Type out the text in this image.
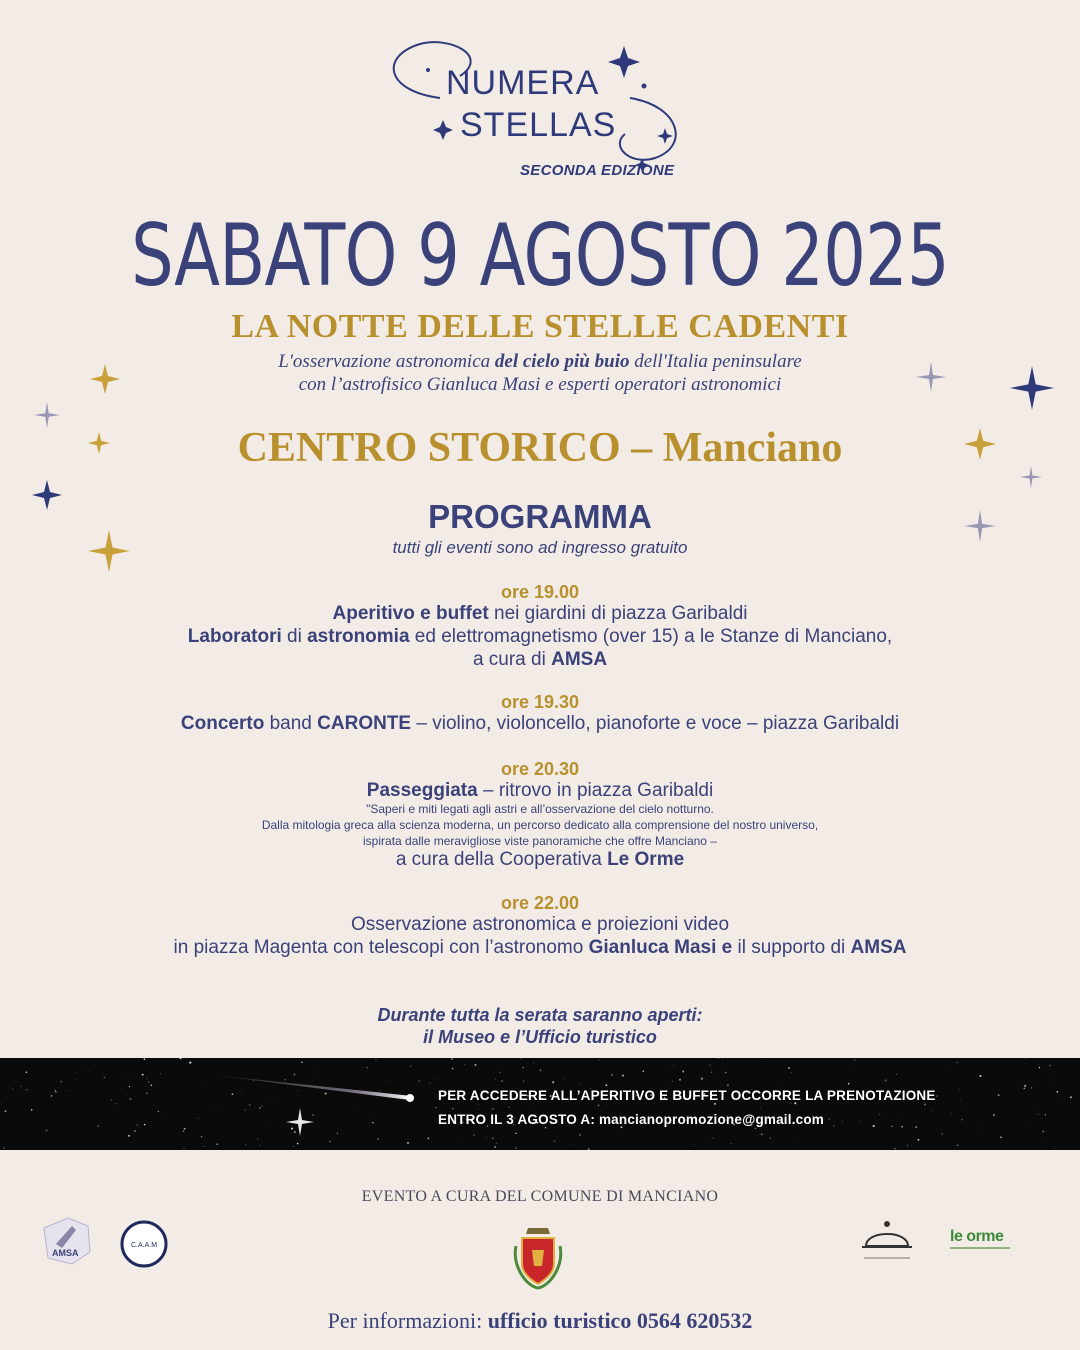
NUMERA
STELLAS
SECONDA EDIZIONE
SABATO 9 AGOSTO 2025
LA NOTTE DELLE STELLE CADENTI
L'osservazione astronomica del cielo più buio dell'Italia peninsulare
con l’astrofisico Gianluca Masi e esperti operatori astronomici
CENTRO STORICO – Manciano
PROGRAMMA
tutti gli eventi sono ad ingresso gratuito
ore 19.00
Aperitivo e buffet nei giardini di piazza Garibaldi
Laboratori di astronomia ed elettromagnetismo (over 15) a le Stanze di Manciano,
a cura di AMSA
ore 19.30
Concerto band CARONTE – violino, violoncello, pianoforte e voce – piazza Garibaldi
ore 20.30
Passeggiata – ritrovo in piazza Garibaldi
"Saperi e miti legati agli astri e all’osservazione del cielo notturno.
Dalla mitologia greca alla scienza moderna, un percorso dedicato alla comprensione del nostro universo,
ispirata dalle meravigliose viste panoramiche che offre Manciano –
a cura della Cooperativa Le Orme
ore 22.00
Osservazione astronomica e proiezioni video
in piazza Magenta con telescopi con l’astronomo Gianluca Masi e il supporto di AMSA
Durante tutta la serata saranno aperti:
il Museo e l’Ufficio turistico
PER ACCEDERE ALL’APERITIVO E BUFFET OCCORRE LA PRENOTAZIONE
ENTRO IL 3 AGOSTO A: mancianopromozione@gmail.com
EVENTO A CURA DEL COMUNE DI MANCIANO
AMSA
C.A.A.M
le orme
Per informazioni: ufficio turistico 0564 620532
